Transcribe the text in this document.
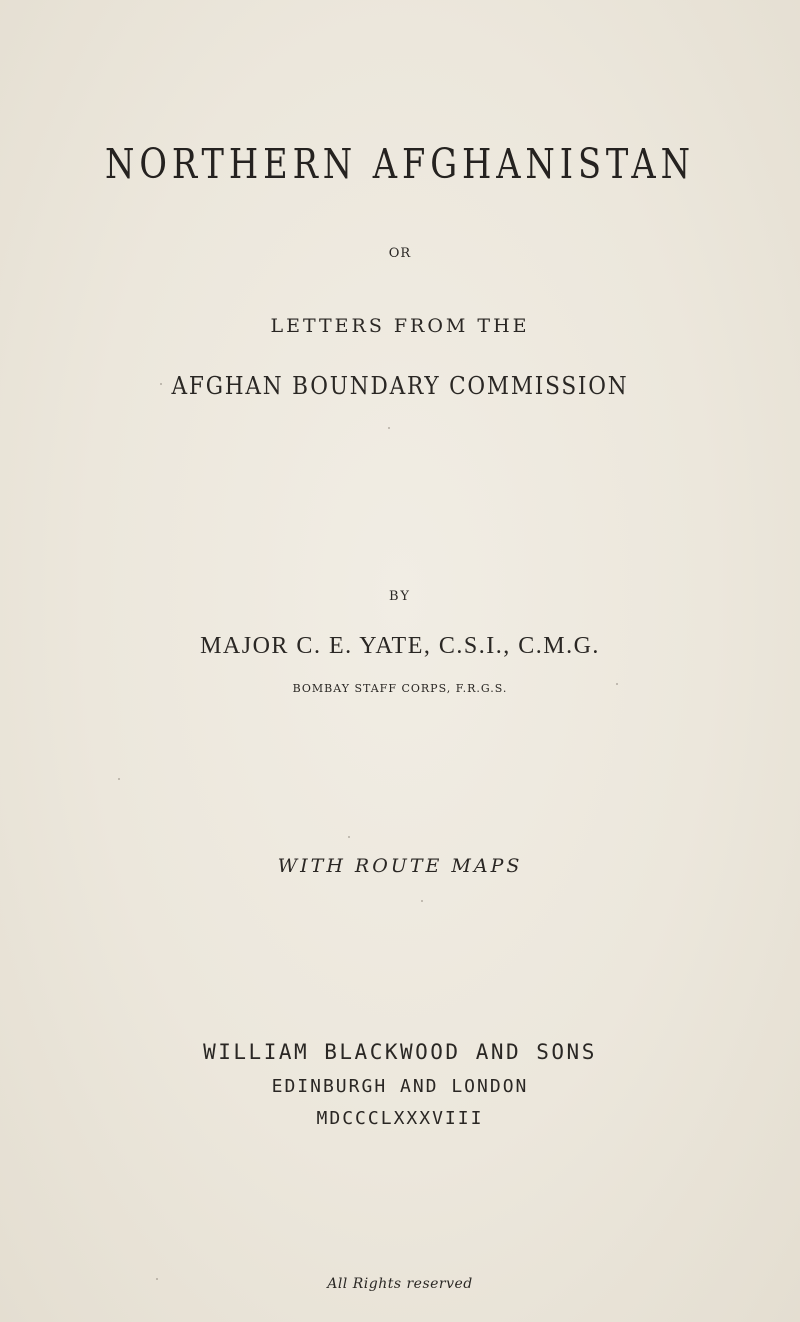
NORTHERN AFGHANISTAN

OR

LETTERS FROM THE

AFGHAN BOUNDARY COMMISSION

BY

MAJOR C. E. YATE, C.S.I., C.M.G.

BOMBAY STAFF CORPS, F.R.G.S.

WITH ROUTE MAPS

WILLIAM BLACKWOOD AND SONS

EDINBURGH AND LONDON

MDCCCLXXXVIII

All Rights reserved
